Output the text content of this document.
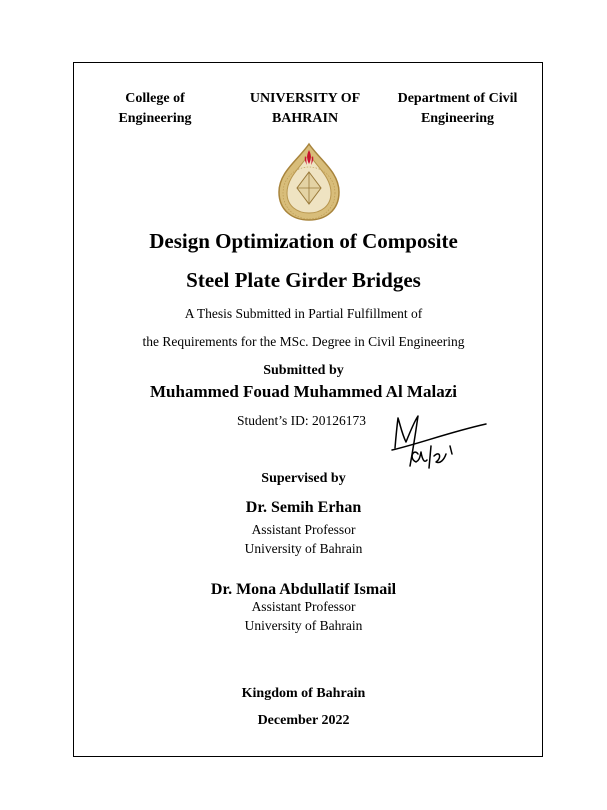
College of
Engineering
UNIVERSITY OF
BAHRAIN
Department of Civil
Engineering
Design Optimization of Composite
Steel Plate Girder Bridges
A Thesis Submitted in Partial Fulfillment of
the Requirements for the MSc. Degree in Civil Engineering
Submitted by
Muhammed Fouad Muhammed Al Malazi
Student’s ID: 20126173
Supervised by
Dr. Semih Erhan
Assistant Professor
University of Bahrain
Dr. Mona Abdullatif Ismail
Assistant Professor
University of Bahrain
Kingdom of Bahrain
December 2022
